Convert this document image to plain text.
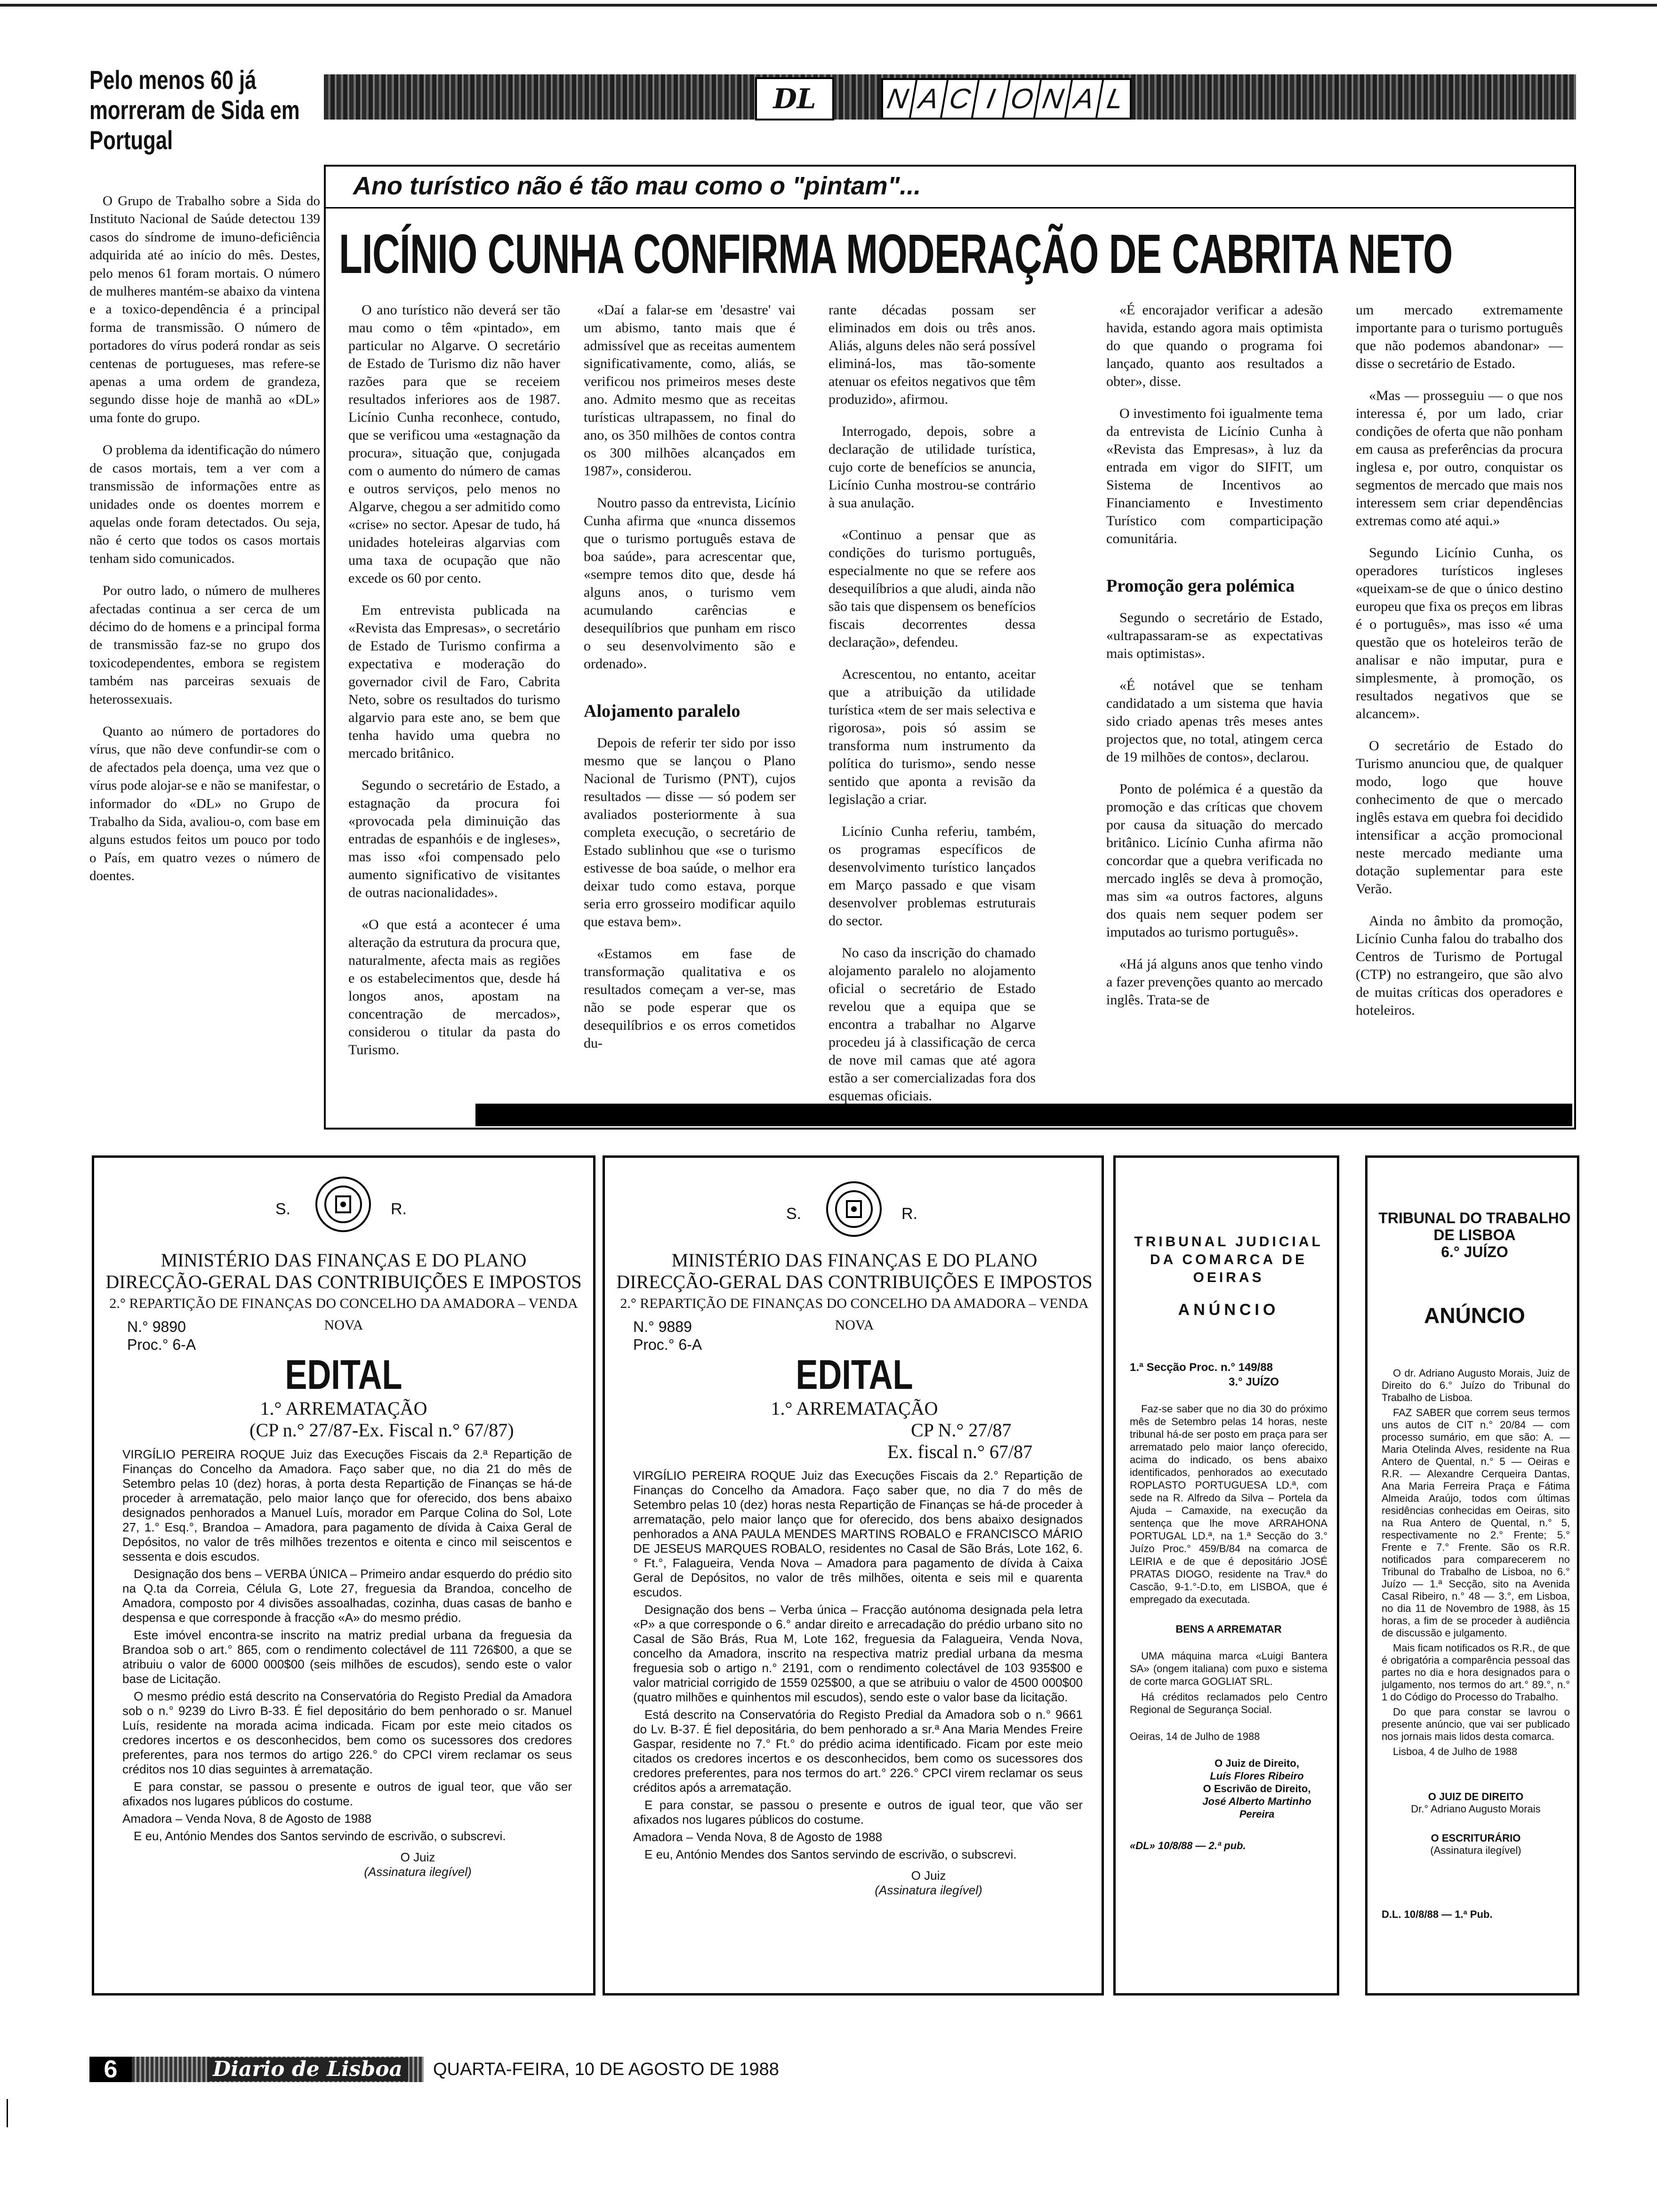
Pelo menos 60 já morreram de Sida em Portugal

O Grupo de Trabalho sobre a Sida do Instituto Nacional de Saúde detectou 139 casos do síndrome de imuno-deficiência adquirida até ao início do mês. Destes, pelo menos 61 foram mortais. O número de mulheres mantém-se abaixo da vintena e a toxico-dependência é a principal forma de transmissão. O número de portadores do vírus poderá rondar as seis centenas de portugueses, mas refere-se apenas a uma ordem de grandeza, segundo disse hoje de manhã ao «DL» uma fonte do grupo.

O problema da identificação do número de casos mortais, tem a ver com a transmissão de informações entre as unidades onde os doentes morrem e aquelas onde foram detectados. Ou seja, não é certo que todos os casos mortais tenham sido comunicados.

Por outro lado, o número de mulheres afectadas continua a ser cerca de um décimo do de homens e a principal forma de transmissão faz-se no grupo dos toxicodependentes, embora se registem também nas parceiras sexuais de heterossexuais.

Quanto ao número de portadores do vírus, que não deve confundir-se com o de afectados pela doença, uma vez que o vírus pode alojar-se e não se manifestar, o informador do «DL» no Grupo de Trabalho da Sida, avaliou-o, com base em alguns estudos feitos um pouco por todo o País, em quatro vezes o número de doentes.

DL	N A C I O N A L
Ano turístico não é tão mau como o "pintam"...
LICÍNIO CUNHA CONFIRMA MODERAÇÃO DE CABRITA NETO

O ano turístico não deverá ser tão mau como o têm «pintado», em particular no Algarve. O secretário de Estado de Turismo diz não haver razões para que se receiem resultados inferiores aos de 1987. Licínio Cunha reconhece, contudo, que se verificou uma «estagnação da procura», situação que, conjugada com o aumento do número de camas e outros serviços, pelo menos no Algarve, chegou a ser admitido como «crise» no sector. Apesar de tudo, há unidades hoteleiras algarvias com uma taxa de ocupação que não excede os 60 por cento.

Em entrevista publicada na «Revista das Empresas», o secretário de Estado de Turismo confirma a expectativa e moderação do governador civil de Faro, Cabrita Neto, sobre os resultados do turismo algarvio para este ano, se bem que tenha havido uma quebra no mercado britânico.

Segundo o secretário de Estado, a estagnação da procura foi «provocada pela diminuição das entradas de espanhóis e de ingleses», mas isso «foi compensado pelo aumento significativo de visitantes de outras nacionalidades».

«O que está a acontecer é uma alteração da estrutura da procura que, naturalmente, afecta mais as regiões e os estabelecimentos que, desde há longos anos, apostam na concentração de mercados», considerou o titular da pasta do Turismo.

«Daí a falar-se em 'desastre' vai um abismo, tanto mais que é admissível que as receitas aumentem significativamente, como, aliás, se verificou nos primeiros meses deste ano. Admito mesmo que as receitas turísticas ultrapassem, no final do ano, os 350 milhões de contos contra os 300 milhões alcançados em 1987», considerou.

Noutro passo da entrevista, Licínio Cunha afirma que «nunca dissemos que o turismo português estava de boa saúde», para acrescentar que, «sempre temos dito que, desde há alguns anos, o turismo vem acumulando carências e desequilíbrios que punham em risco o seu desenvolvimento são e ordenado».

Alojamento paralelo

Depois de referir ter sido por isso mesmo que se lançou o Plano Nacional de Turismo (PNT), cujos resultados — disse — só podem ser avaliados posteriormente à sua completa execução, o secretário de Estado sublinhou que «se o turismo estivesse de boa saúde, o melhor era deixar tudo como estava, porque seria erro grosseiro modificar aquilo que estava bem».

«Estamos em fase de transformação qualitativa e os resultados começam a ver-se, mas não se pode esperar que os desequilíbrios e os erros cometidos du-

rante décadas possam ser eliminados em dois ou três anos. Aliás, alguns deles não será possível eliminá-los, mas tão-somente atenuar os efeitos negativos que têm produzido», afirmou.

Interrogado, depois, sobre a declaração de utilidade turística, cujo corte de benefícios se anuncia, Licínio Cunha mostrou-se contrário à sua anulação.

«Continuo a pensar que as condições do turismo português, especialmente no que se refere aos desequilíbrios a que aludi, ainda não são tais que dispensem os benefícios fiscais decorrentes dessa declaração», defendeu.

Acrescentou, no entanto, aceitar que a atribuição da utilidade turística «tem de ser mais selectiva e rigorosa», pois só assim se transforma num instrumento da política do turismo», sendo nesse sentido que aponta a revisão da legislação a criar.

Licínio Cunha referiu, também, os programas específicos de desenvolvimento turístico lançados em Março passado e que visam desenvolver problemas estruturais do sector.

No caso da inscrição do chamado alojamento paralelo no alojamento oficial o secretário de Estado revelou que a equipa que se encontra a trabalhar no Algarve procedeu já à classificação de cerca de nove mil camas que até agora estão a ser comercializadas fora dos esquemas oficiais.

«É encorajador verificar a adesão havida, estando agora mais optimista do que quando o programa foi lançado, quanto aos resultados a obter», disse.

O investimento foi igualmente tema da entrevista de Licínio Cunha à «Revista das Empresas», à luz da entrada em vigor do SIFIT, um Sistema de Incentivos ao Financiamento e Investimento Turístico com comparticipação comunitária.

Promoção gera polémica

Segundo o secretário de Estado, «ultrapassaram-se as expectativas mais optimistas».

«É notável que se tenham candidatado a um sistema que havia sido criado apenas três meses antes projectos que, no total, atingem cerca de 19 milhões de contos», declarou.

Ponto de polémica é a questão da promoção e das críticas que chovem por causa da situação do mercado britânico. Licínio Cunha afirma não concordar que a quebra verificada no mercado inglês se deva à promoção, mas sim «a outros factores, alguns dos quais nem sequer podem ser imputados ao turismo português».

«Há já alguns anos que tenho vindo a fazer prevenções quanto ao mercado inglês. Trata-se de

um mercado extremamente importante para o turismo português que não podemos abandonar» — disse o secretário de Estado.

«Mas — prosseguiu — o que nos interessa é, por um lado, criar condições de oferta que não ponham em causa as preferências da procura inglesa e, por outro, conquistar os segmentos de mercado que mais nos interessem sem criar dependências extremas como até aqui.»

Segundo Licínio Cunha, os operadores turísticos ingleses «queixam-se de que o único destino europeu que fixa os preços em libras é o português», mas isso «é uma questão que os hoteleiros terão de analisar e não imputar, pura e simplesmente, à promoção, os resultados negativos que se alcancem».

O secretário de Estado do Turismo anunciou que, de qualquer modo, logo que houve conhecimento de que o mercado inglês estava em quebra foi decidido intensificar a acção promocional neste mercado mediante uma dotação suplementar para este Verão.

Ainda no âmbito da promoção, Licínio Cunha falou do trabalho dos Centros de Turismo de Portugal (CTP) no estrangeiro, que são alvo de muitas críticas dos operadores e hoteleiros.

S.	R.
MINISTÉRIO DAS FINANÇAS E DO PLANO
DIRECÇÃO-GERAL DAS CONTRIBUIÇÕES E IMPOSTOS
2.° REPARTIÇÃO DE FINANÇAS DO CONCELHO DA AMADORA – VENDA NOVA
N.° 9890
Proc.° 6-A
EDITAL
1.° ARREMATAÇÃO
(CP n.° 27/87-Ex. Fiscal n.° 67/87)

VIRGÍLIO PEREIRA ROQUE Juiz das Execuções Fiscais da 2.ª Repartição de Finanças do Concelho da Amadora. Faço saber que, no dia 21 do mês de Setembro pelas 10 (dez) horas, à porta desta Repartição de Finanças se há-de proceder à arrematação, pelo maior lanço que for oferecido, dos bens abaixo designados penhorados a Manuel Luís, morador em Parque Colina do Sol, Lote 27, 1.° Esq.°, Brandoa – Amadora, para pagamento de dívida à Caixa Geral de Depósitos, no valor de três milhões trezentos e oitenta e cinco mil seiscentos e sessenta e dois escudos.

Designação dos bens – VERBA ÚNICA – Primeiro andar esquerdo do prédio sito na Q.ta da Correia, Célula G, Lote 27, freguesia da Brandoa, concelho de Amadora, composto por 4 divisões assoalhadas, cozinha, duas casas de banho e despensa e que corresponde à fracção «A» do mesmo prédio.

Este imóvel encontra-se inscrito na matriz predial urbana da freguesia da Brandoa sob o art.° 865, com o rendimento colectável de 111 726$00, a que se atribuiu o valor de 6000 000$00 (seis milhões de escudos), sendo este o valor base de Licitação.

O mesmo prédio está descrito na Conservatória do Registo Predial da Amadora sob o n.° 9239 do Livro B-33. É fiel depositário do bem penhorado o sr. Manuel Luís, residente na morada acima indicada. Ficam por este meio citados os credores incertos e os desconhecidos, bem como os sucessores dos credores preferentes, para nos termos do artigo 226.° do CPCI virem reclamar os seus créditos nos 10 dias seguintes à arrematação.

E para constar, se passou o presente e outros de igual teor, que vão ser afixados nos lugares públicos do costume.

Amadora – Venda Nova, 8 de Agosto de 1988

E eu, António Mendes dos Santos servindo de escrivão, o subscrevi.

O Juiz
(Assinatura ilegível)
S.	R.
MINISTÉRIO DAS FINANÇAS E DO PLANO
DIRECÇÃO-GERAL DAS CONTRIBUIÇÕES E IMPOSTOS
2.° REPARTIÇÃO DE FINANÇAS DO CONCELHO DA AMADORA – VENDA NOVA
N.° 9889
Proc.° 6-A
EDITAL
1.° ARREMATAÇÃO
CP N.° 27/87
Ex. fiscal n.° 67/87

VIRGÍLIO PEREIRA ROQUE Juiz das Execuções Fiscais da 2.° Repartição de Finanças do Concelho da Amadora. Faço saber que, no dia 7 do mês de Setembro pelas 10 (dez) horas nesta Repartição de Finanças se há-de proceder à arrematação, pelo maior lanço que for oferecido, dos bens abaixo designados penhorados a ANA PAULA MENDES MARTINS ROBALO e FRANCISCO MÁRIO DE JESEUS MARQUES ROBALO, residentes no Casal de São Brás, Lote 162, 6.° Ft.°, Falagueira, Venda Nova – Amadora para pagamento de dívida à Caixa Geral de Depósitos, no valor de três milhões, oitenta e seis mil e quarenta escudos.

Designação dos bens – Verba única – Fracção autónoma designada pela letra «P» a que corresponde o 6.° andar direito e arrecadação do prédio urbano sito no Casal de São Brás, Rua M, Lote 162, freguesia da Falagueira, Venda Nova, concelho da Amadora, inscrito na respectiva matriz predial urbana da mesma freguesia sob o artigo n.° 2191, com o rendimento colectável de 103 935$00 e valor matricial corrigido de 1559 025$00, a que se atribuiu o valor de 4500 000$00 (quatro milhões e quinhentos mil escudos), sendo este o valor base da licitação.

Está descrito na Conservatória do Registo Predial da Amadora sob o n.° 9661 do Lv. B-37. É fiel depositária, do bem penhorado a sr.ª Ana Maria Mendes Freire Gaspar, residente no 7.° Ft.° do prédio acima identificado. Ficam por este meio citados os credores incertos e os desconhecidos, bem como os sucessores dos credores preferentes, para nos termos do art.° 226.° CPCI virem reclamar os seus créditos após a arrematação.

E para constar, se passou o presente e outros de igual teor, que vão ser afixados nos lugares públicos do costume.

Amadora – Venda Nova, 8 de Agosto de 1988

E eu, António Mendes dos Santos servindo de escrivão, o subscrevi.

O Juiz
(Assinatura ilegível)
TRIBUNAL JUDICIAL
DA COMARCA DE OEIRAS
ANÚNCIO
1.ª Secção Proc. n.° 149/88
3.° JUÍZO

Faz-se saber que no dia 30 do próximo mês de Setembro pelas 14 horas, neste tribunal há-de ser posto em praça para ser arrematado pelo maior lanço oferecido, acima do indicado, os bens abaixo identificados, penhorados ao executado ROPLASTO PORTUGUESA LD.ª, com sede na R. Alfredo da Silva – Portela da Ajuda – Camaxide, na execução da sentença que lhe move ARRAHONA PORTUGAL LD.ª, na 1.ª Secção do 3.° Juízo Proc.° 459/B/84 na comarca de LEIRIA e de que é depositário JOSÉ PRATAS DIOGO, residente na Trav.ª do Cascão, 9-1.°-D.to, em LISBOA, que é empregado da executada.

BENS A ARREMATAR

UMA máquina marca «Luigi Bantera SA» (ongem italiana) com puxo e sistema de corte marca GOGLIAT SRL.

Há créditos reclamados pelo Centro Regional de Segurança Social.

Oeiras, 14 de Julho de 1988

O Juiz de Direito,
Luís Flores Ribeiro
O Escrivão de Direito,
José Alberto Martinho Pereira
«DL» 10/8/88 — 2.ª pub.
TRIBUNAL DO TRABALHO
DE LISBOA
6.° JUÍZO
ANÚNCIO

O dr. Adriano Augusto Morais, Juiz de Direito do 6.° Juízo do Tribunal do Trabalho de Lisboa.

FAZ SABER que correm seus termos uns autos de CIT n.° 20/84 — com processo sumário, em que são: A. — Maria Otelinda Alves, residente na Rua Antero de Quental, n.° 5 — Oeiras e R.R. — Alexandre Cerqueira Dantas, Ana Maria Ferreira Praça e Fátima Almeida Araújo, todos com últimas residências conhecidas em Oeiras, sito na Rua Antero de Quental, n.° 5, respectivamente no 2.° Frente; 5.° Frente e 7.° Frente. São os R.R. notificados para comparecerem no Tribunal do Trabalho de Lisboa, no 6.° Juízo — 1.ª Secção, sito na Avenida Casal Ribeiro, n.° 48 — 3.°, em Lisboa, no dia 11 de Novembro de 1988, às 15 horas, a fim de se proceder à audiência de discussão e julgamento.

Mais ficam notificados os R.R., de que é obrigatória a comparência pessoal das partes no dia e hora designados para o julgamento, nos termos do art.° 89.°, n.° 1 do Código do Processo do Trabalho.

Do que para constar se lavrou o presente anúncio, que vai ser publicado nos jornais mais lidos desta comarca.

Lisboa, 4 de Julho de 1988

O JUIZ DE DIREITO
Dr.° Adriano Augusto Morais
O ESCRITURÁRIO
(Assinatura ilegível)
D.L. 10/8/88 — 1.ª Pub.
6	Diario de Lisboa	QUARTA-FEIRA, 10 DE AGOSTO DE 1988
